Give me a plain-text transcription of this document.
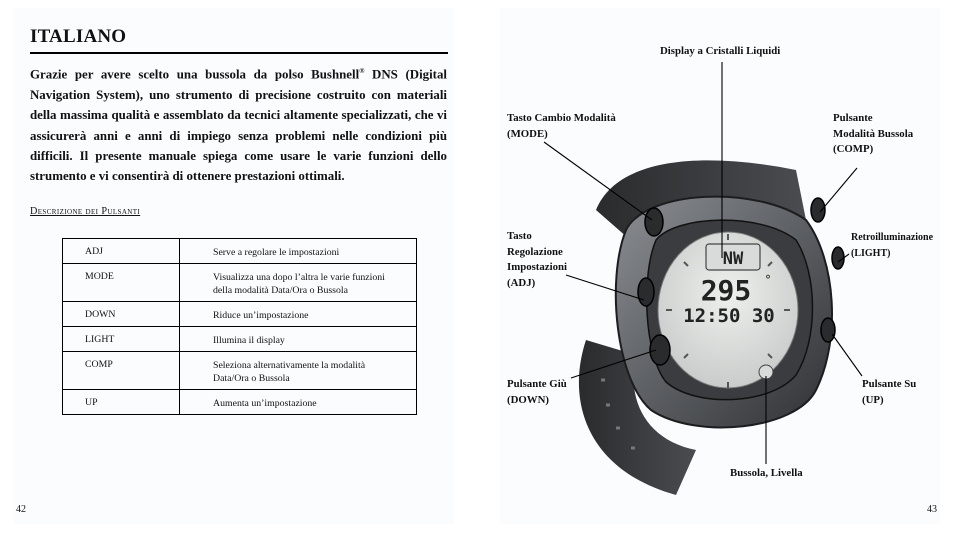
ITALIANO

Grazie per avere scelto una bussola da polso Bushnell® DNS (Digital Navigation System), uno strumento di precisione costruito con materiali della massima qualità e assemblato da tecnici altamente specializzati, che vi assicurerà anni e anni di impiego senza problemi nelle condizioni più difficili. Il presente manuale spiega come usare le varie funzioni dello strumento e vi consentirà di ottenere prestazioni ottimali.

Descrizione dei Pulsanti
ADJ	Serve a regolare le impostazioni
MODE	Visualizza una dopo l’altra le varie funzioni
della modalità Data/Ora o Bussola
DOWN	Riduce un’impostazione
LIGHT	Illumina il display
COMP	Seleziona alternativamente la modalità
Data/Ora o Bussola
UP	Aumenta un’impostazione
42
NW
295 °
12:50 30
Display a Cristalli Liquidi
Tasto Cambio Modalità
(MODE)
Pulsante
Modalità Bussola
(COMP)
Retroilluminazione
(LIGHT)
Tasto
Regolazione
Impostazioni
(ADJ)
Pulsante Giù
(DOWN)
Pulsante Su
(UP)
Bussola, Livella
43
